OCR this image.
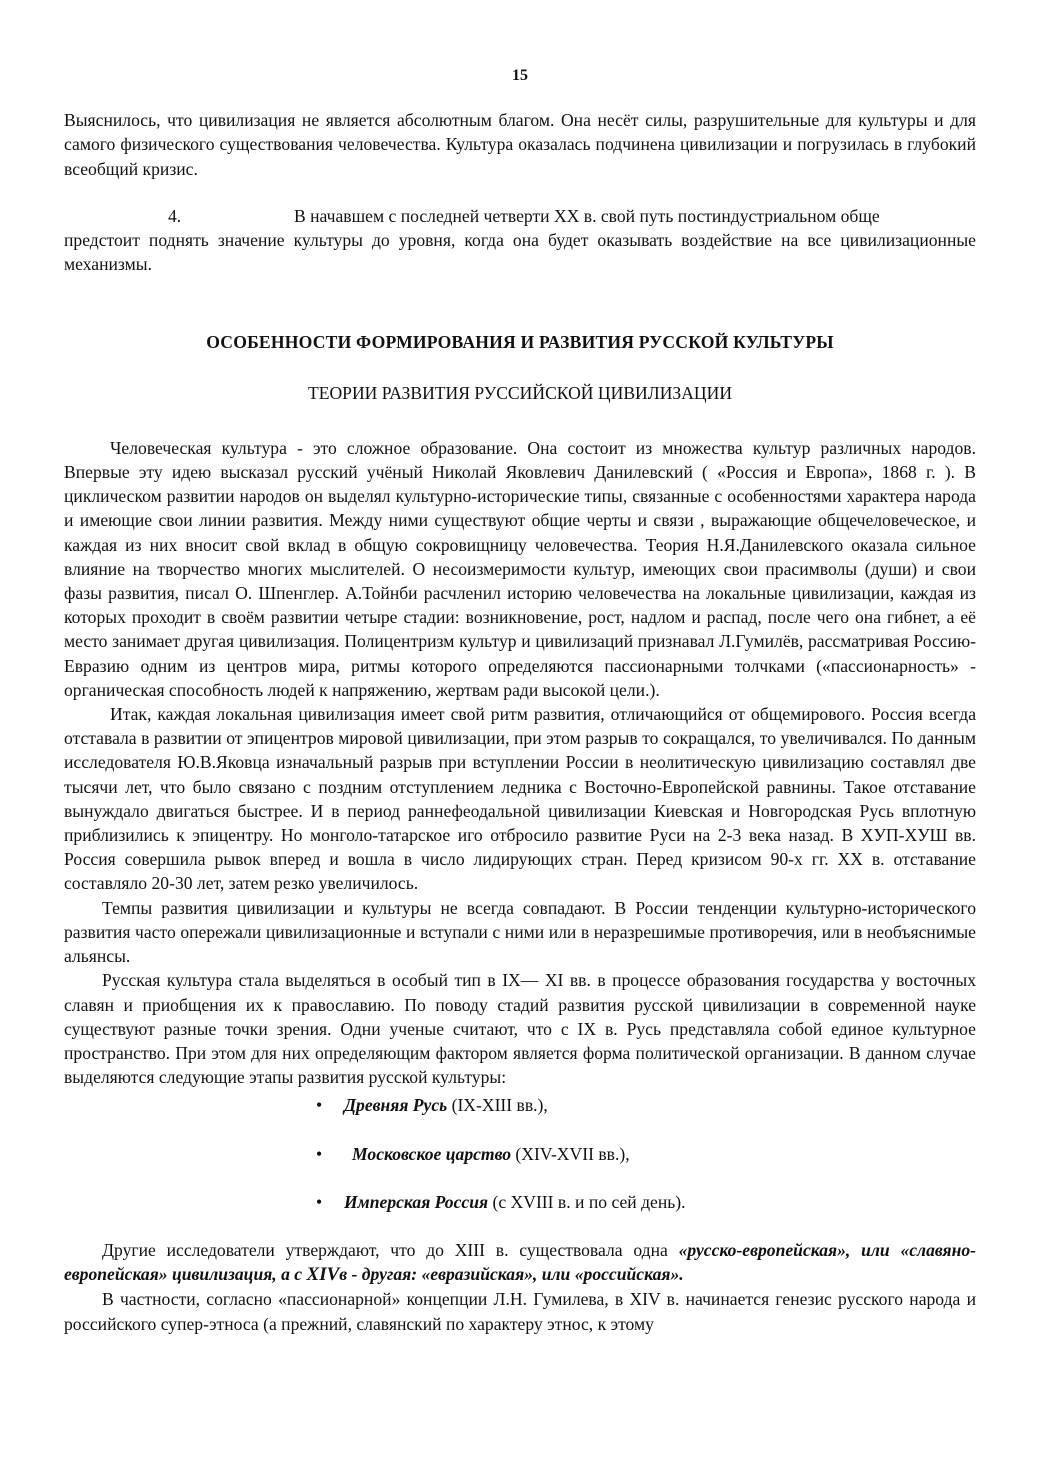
15

Выяснилось, что цивилизация не является абсолютным благом. Она несёт силы, разрушительные для культуры и для самого физического существования человечества. Культура оказалась подчинена цивилизации и погрузилась в глубокий всеобщий кризис.

4.	В начавшем с последней четверти ХХ в. свой путь постиндустриальном обще

предстоит поднять значение культуры до уровня, когда она будет оказывать воздействие на все цивилизационные механизмы.

ОСОБЕННОСТИ ФОРМИРОВАНИЯ И РАЗВИТИЯ РУССКОЙ КУЛЬТУРЫ
ТЕОРИИ РАЗВИТИЯ РУССИЙСКОЙ ЦИВИЛИЗАЦИИ

Человеческая культура - это сложное образование. Она состоит из множества культур различных народов. Впервые эту идею высказал русский учёный Николай Яковлевич Данилевский ( «Россия и Европа», 1868 г. ). В циклическом развитии народов он выделял культурно-исторические типы, связанные с особенностями характера народа и имеющие свои линии развития. Между ними существуют общие черты и связи , выражающие общечеловеческое, и каждая из них вносит свой вклад в общую сокровищницу человечества. Теория Н.Я.Данилевского оказала сильное влияние на творчество многих мыслителей. О несоизмеримости культур, имеющих свои прасимволы (души) и свои фазы развития, писал О. Шпенглер. А.Тойнби расчленил историю человечества на локальные цивилизации, каждая из которых проходит в своём развитии четыре стадии: возникновение, рост, надлом и распад, после чего она гибнет, а её место занимает другая цивилизация. Полицентризм культур и цивилизаций признавал Л.Гумилёв, рассматривая Россию-Евразию одним из центров мира, ритмы которого определяются пассионарными толчками («пассионарность» - органическая способность людей к напряжению, жертвам ради высокой цели.).

Итак, каждая локальная цивилизация имеет свой ритм развития, отличающийся от общемирового. Россия всегда отставала в развитии от эпицентров мировой цивилизации, при этом разрыв то сокращался, то увеличивался. По данным исследователя Ю.В.Яковца изначальный разрыв при вступлении России в неолитическую цивилизацию составлял две тысячи лет, что было связано с поздним отступлением ледника с Восточно-Европейской равнины. Такое отставание вынуждало двигаться быстрее. И в период раннефеодальной цивилизации Киевская и Новгородская Русь вплотную приблизились к эпицентру. Но монголо-татарское иго отбросило развитие Руси на 2-3 века назад. В ХУП-ХУШ вв. Россия совершила рывок вперед и вошла в число лидирующих стран. Перед кризисом 90-х гг. ХХ в. отставание составляло 20-30 лет, затем резко увеличилось.

Темпы развития цивилизации и культуры не всегда совпадают. В России тенденции культурно-исторического развития часто опережали цивилизационные и вступали с ними или в неразрешимые противоречия, или в необъяснимые альянсы.

Русская культура стала выделяться в особый тип в IX— XI вв. в процессе образования государства у восточных славян и приобщения их к православию. По поводу стадий развития русской цивилизации в современной науке существуют разные точки зрения. Одни ученые считают, что с IX в. Русь представляла собой единое культурное пространство. При этом для них определяющим фактором является форма политической организации. В данном случае выделяются следующие этапы развития русской культуры:

• Древняя Русь (IX-XIII вв.),
• Московское царство (XIV-XVII вв.),
• Имперская Россия (с XVIII в. и по сей день).

Другие исследователи утверждают, что до XIII в. существовала одна «русско-европейская», или «славяно-европейская» цивилизация, а с XIVв - другая: «евразийская», или «российская».

В частности, согласно «пассионарной» концепции Л.Н. Гумилева, в XIV в. начинается генезис русского народа и российского супер-этноса (а прежний, славянский по характеру этнос, к этому
